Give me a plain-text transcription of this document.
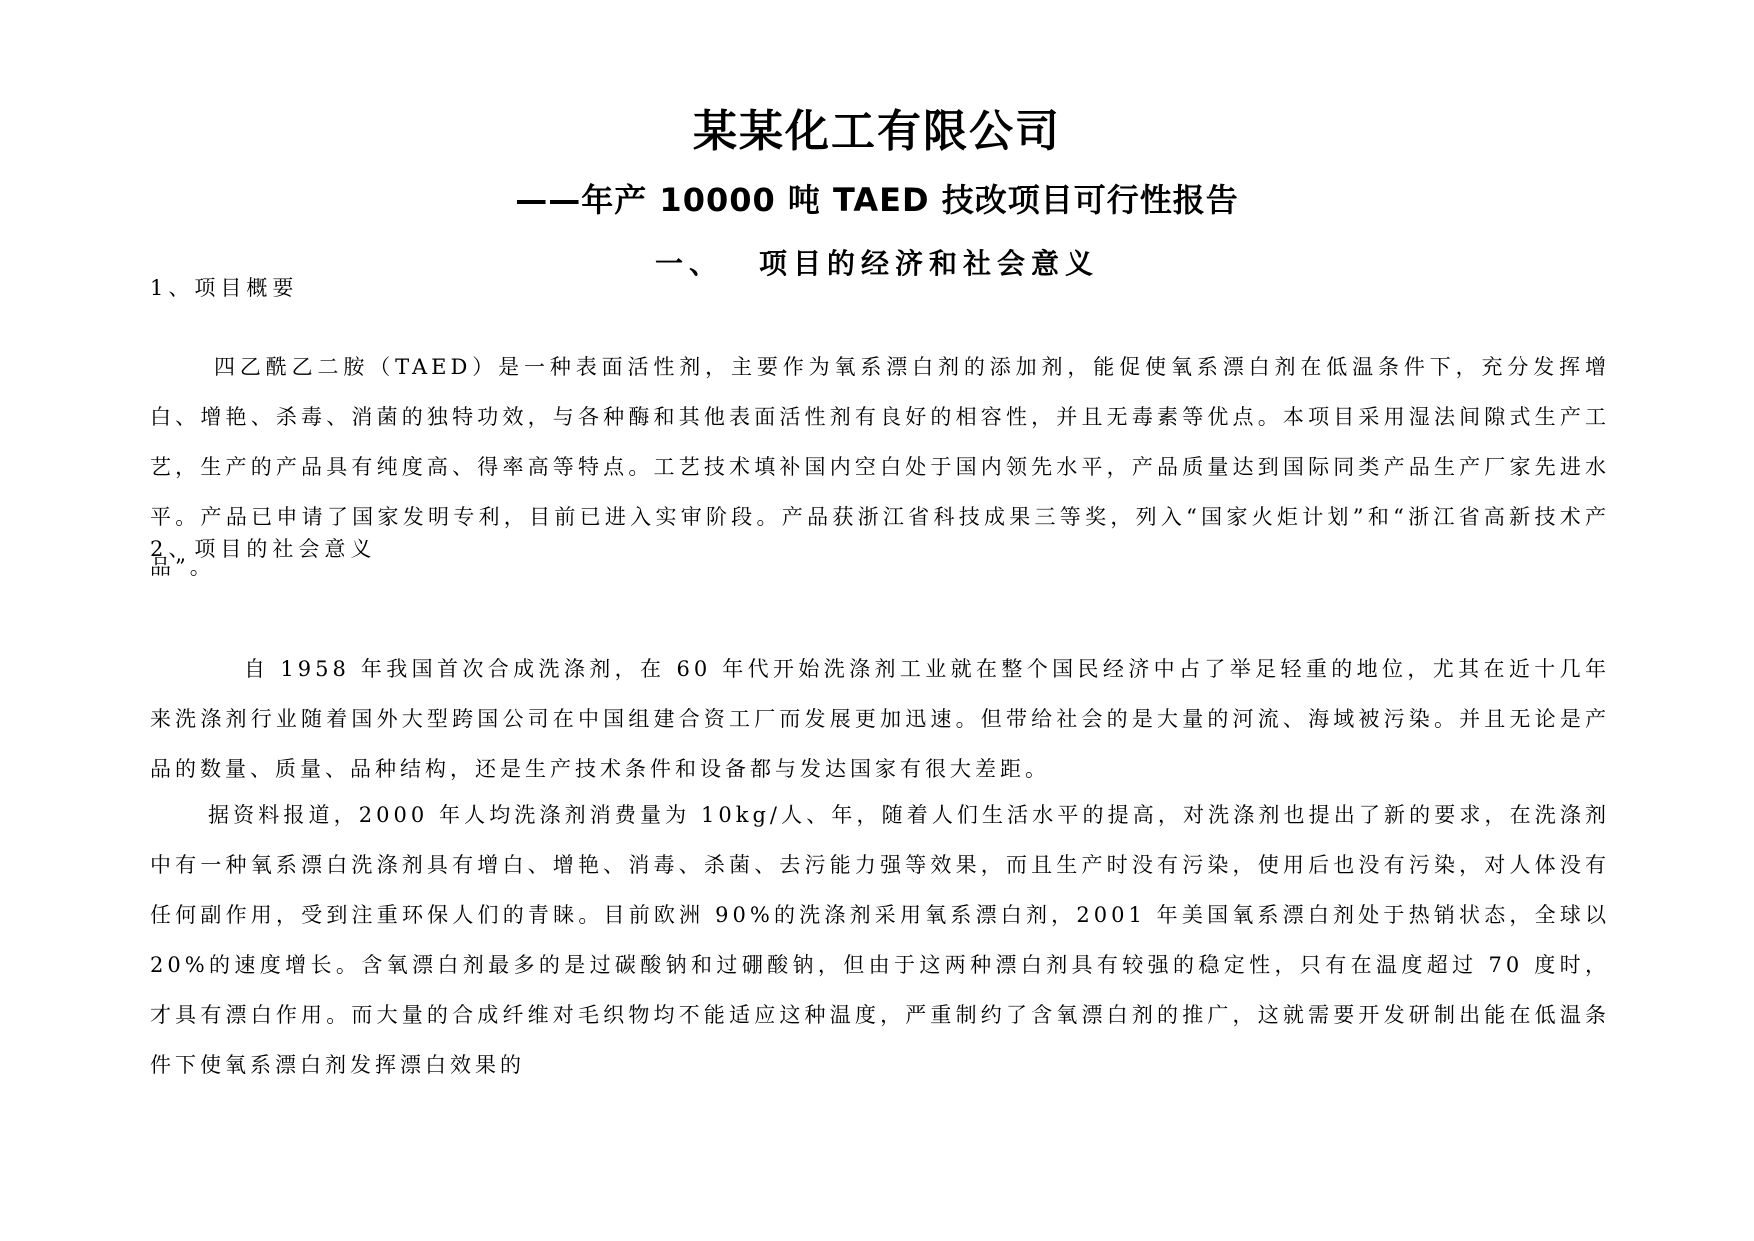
某某化工有限公司
——年产 10000 吨 TAED 技改项目可行性报告
一、 项目的经济和社会意义
1、项目概要
四乙酰乙二胺（TAED）是一种表面活性剂，主要作为氧系漂白剂的添加剂，能促使氧系漂白剂在低温条件下，充分发挥增白、增艳、杀毒、消菌的独特功效，与各种酶和其他表面活性剂有良好的相容性，并且无毒素等优点。本项目采用湿法间隙式生产工艺，生产的产品具有纯度高、得率高等特点。工艺技术填补国内空白处于国内领先水平，产品质量达到国际同类产品生产厂家先进水平。产品已申请了国家发明专利，目前已进入实审阶段。产品获浙江省科技成果三等奖，列入“国家火炬计划”和“浙江省高新技术产品”。
2、项目的社会意义
自 1958 年我国首次合成洗涤剂，在 60 年代开始洗涤剂工业就在整个国民经济中占了举足轻重的地位，尤其在近十几年来洗涤剂行业随着国外大型跨国公司在中国组建合资工厂而发展更加迅速。但带给社会的是大量的河流、海域被污染。并且无论是产品的数量、质量、品种结构，还是生产技术条件和设备都与发达国家有很大差距。
据资料报道，2000 年人均洗涤剂消费量为 10kg/人、年，随着人们生活水平的提高，对洗涤剂也提出了新的要求，在洗涤剂中有一种氧系漂白洗涤剂具有增白、增艳、消毒、杀菌、去污能力强等效果，而且生产时没有污染，使用后也没有污染，对人体没有任何副作用，受到注重环保人们的青睐。目前欧洲 90%的洗涤剂采用氧系漂白剂，2001 年美国氧系漂白剂处于热销状态，全球以 20%的速度增长。含氧漂白剂最多的是过碳酸钠和过硼酸钠，但由于这两种漂白剂具有较强的稳定性，只有在温度超过 70 度时，才具有漂白作用。而大量的合成纤维对毛织物均不能适应这种温度，严重制约了含氧漂白剂的推广，这就需要开发研制出能在低温条件下使氧系漂白剂发挥漂白效果的
